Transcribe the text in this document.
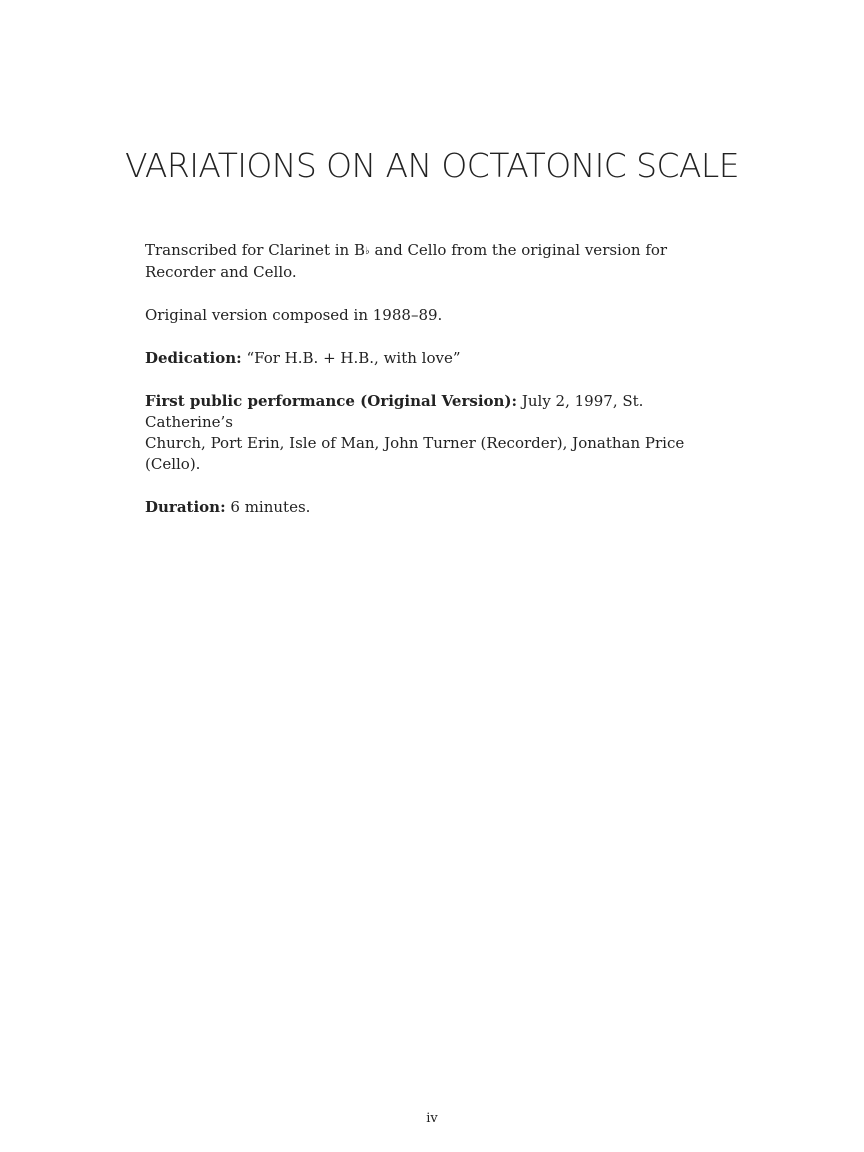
VARIATIONS ON AN OCTATONIC SCALE

Transcribed for Clarinet in B♭ and Cello from the original version for
Recorder and Cello.

Original version composed in 1988–89.

Dedication: “For H.B. + H.B., with love”

First public performance (Original Version): July 2, 1997, St. Catherine’s
Church, Port Erin, Isle of Man, John Turner (Recorder), Jonathan Price (Cello).

Duration: 6 minutes.

iv
